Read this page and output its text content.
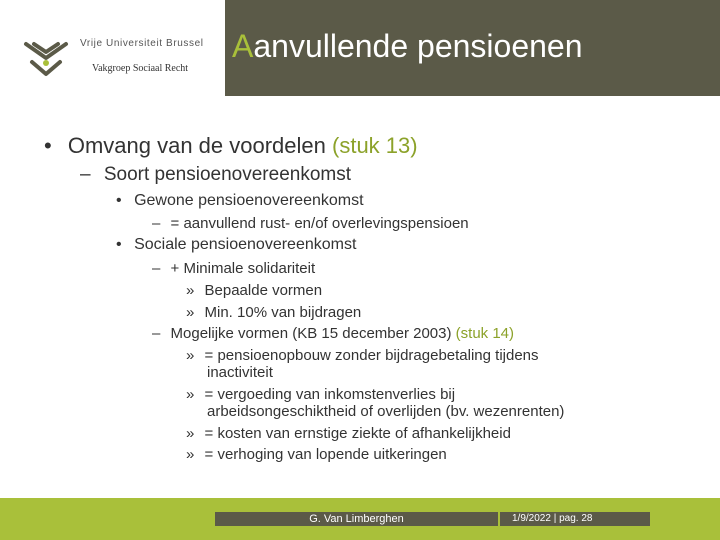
Vrije Universiteit Brussel
Vakgroep Sociaal Recht
Aanvullende pensioenen
• Omvang van de voordelen (stuk 13)
– Soort pensioenovereenkomst
• Gewone pensioenovereenkomst
– = aanvullend rust- en/of overlevingspensioen
• Sociale pensioenovereenkomst
– + Minimale solidariteit
» Bepaalde vormen
» Min. 10% van bijdragen
– Mogelijke vormen (KB 15 december 2003) (stuk 14)
» = pensioenopbouw zonder bijdragebetaling tijdens
inactiviteit
» = vergoeding van inkomstenverlies bij
arbeidsongeschiktheid of overlijden (bv. wezenrenten)
» = kosten van ernstige ziekte of afhankelijkheid
» = verhoging van lopende uitkeringen
G. Van Limberghen	1/9/2022 | pag. 28
